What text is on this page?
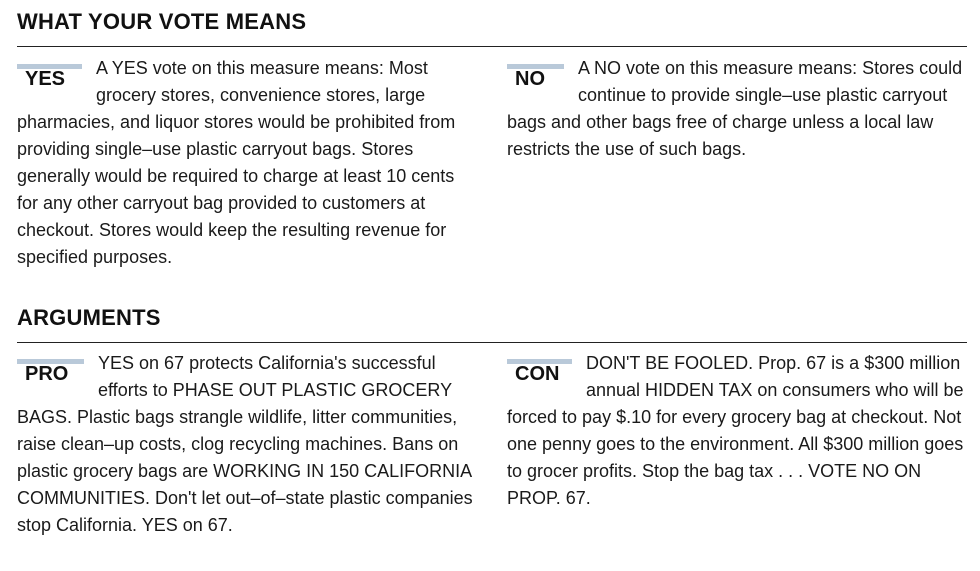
WHAT YOUR VOTE MEANS
YES	A YES vote on this measure means: Most grocery stores, convenience stores, large pharmacies, and liquor stores would be prohibited from providing single–use plastic carryout bags. Stores generally would be required to charge at least 10 cents for any other carryout bag provided to customers at checkout. Stores would keep the resulting revenue for specified purposes.
NO	A NO vote on this measure means: Stores could continue to provide single–use plastic carryout bags and other bags free of charge unless a local law restricts the use of such bags.
ARGUMENTS
PRO	YES on 67 protects California's successful efforts to PHASE OUT PLASTIC GROCERY BAGS. Plastic bags strangle wildlife, litter communities, raise clean–up costs, clog recycling machines. Bans on plastic grocery bags are WORKING IN 150 CALIFORNIA COMMUNITIES. Don't let out–of–state plastic companies stop California. YES on 67.
CON	DON'T BE FOOLED. Prop. 67 is a $300 million annual HIDDEN TAX on consumers who will be forced to pay $.10 for every grocery bag at checkout. Not one penny goes to the environment. All $300 million goes to grocer profits. Stop the bag tax . . . VOTE NO ON PROP. 67.
